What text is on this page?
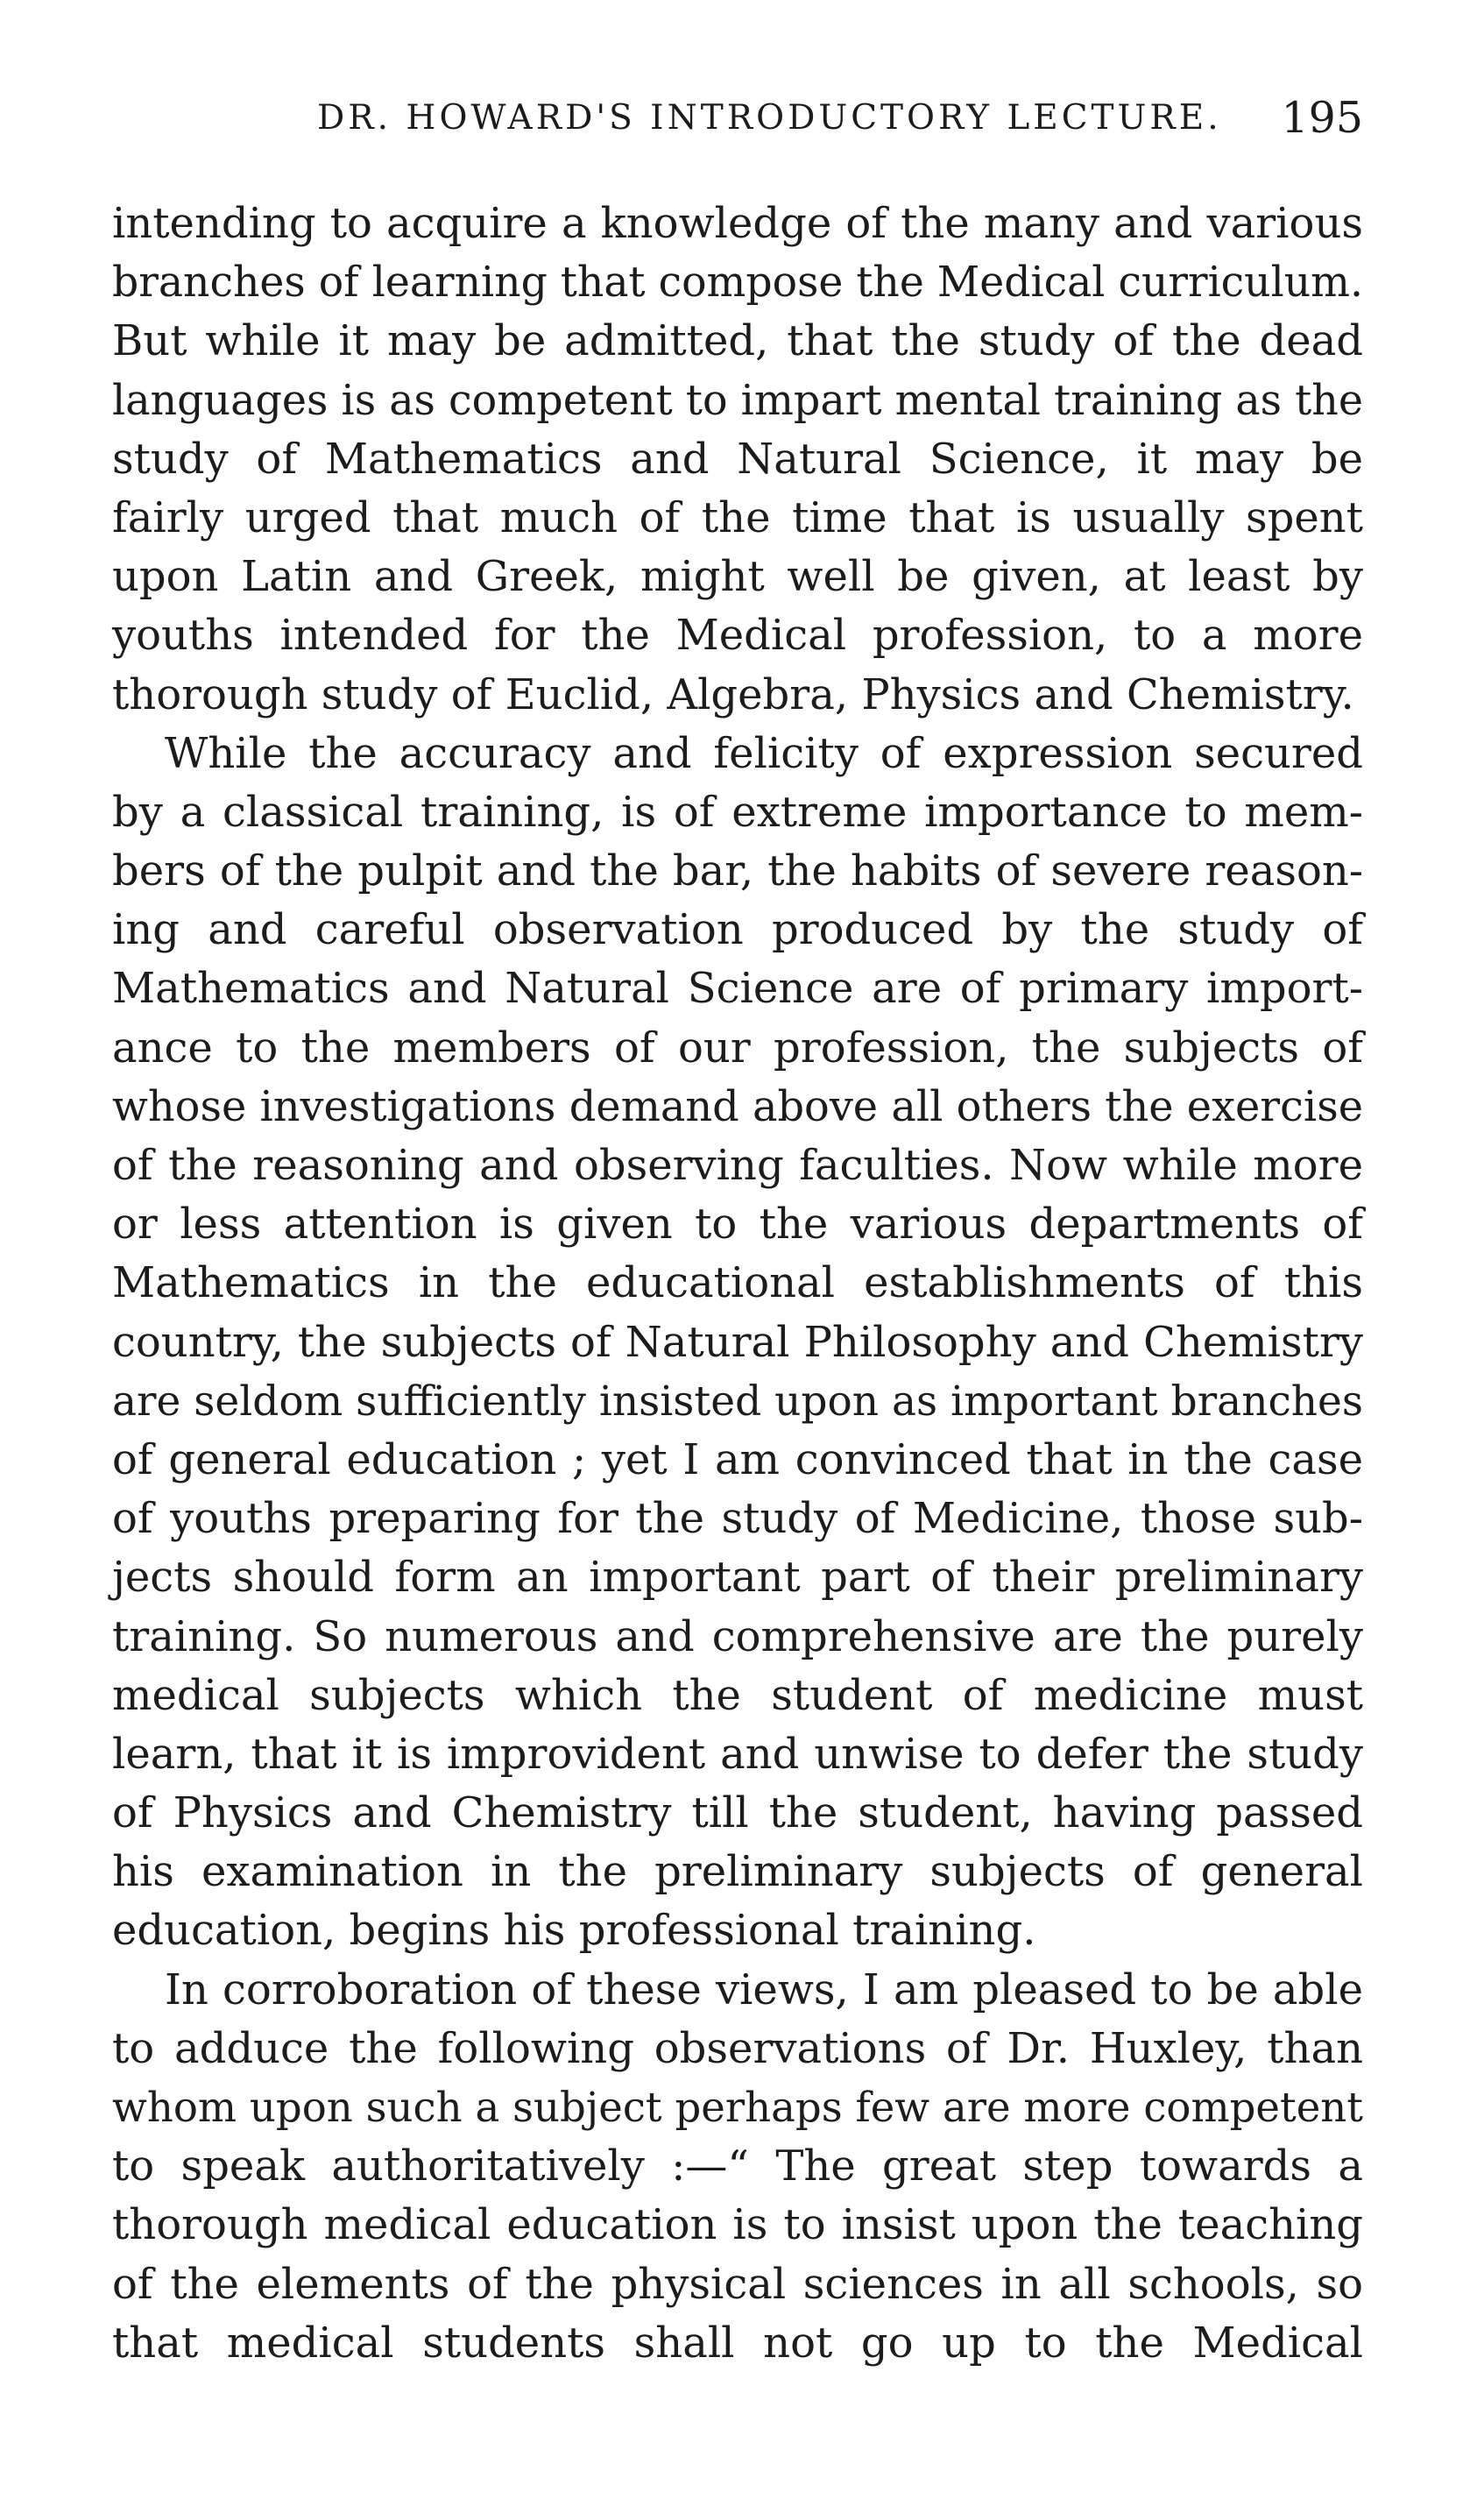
DR. HOWARD'S INTRODUCTORY LECTURE. 195
intending to acquire a knowledge of the many and various
branches of learning that compose the Medical curriculum.
But while it may be admitted, that the study of the dead
languages is as competent to impart mental training as the
study of Mathematics and Natural Science, it may be
fairly urged that much of the time that is usually spent
upon Latin and Greek, might well be given, at least by
youths intended for the Medical profession, to a more
thorough study of Euclid, Algebra, Physics and Chemistry.
While the accuracy and felicity of expression secured
by a classical training, is of extreme importance to mem-
bers of the pulpit and the bar, the habits of severe reason-
ing and careful observation produced by the study of
Mathematics and Natural Science are of primary import-
ance to the members of our profession, the subjects of
whose investigations demand above all others the exercise
of the reasoning and observing faculties. Now while more
or less attention is given to the various departments of
Mathematics in the educational establishments of this
country, the subjects of Natural Philosophy and Chemistry
are seldom sufficiently insisted upon as important branches
of general education ; yet I am convinced that in the case
of youths preparing for the study of Medicine, those sub-
jects should form an important part of their preliminary
training. So numerous and comprehensive are the purely
medical subjects which the student of medicine must
learn, that it is improvident and unwise to defer the study
of Physics and Chemistry till the student, having passed
his examination in the preliminary subjects of general
education, begins his professional training.
In corroboration of these views, I am pleased to be able
to adduce the following observations of Dr. Huxley, than
whom upon such a subject perhaps few are more competent
to speak authoritatively :—“ The great step towards a
thorough medical education is to insist upon the teaching
of the elements of the physical sciences in all schools, so
that medical students shall not go up to the Medical
